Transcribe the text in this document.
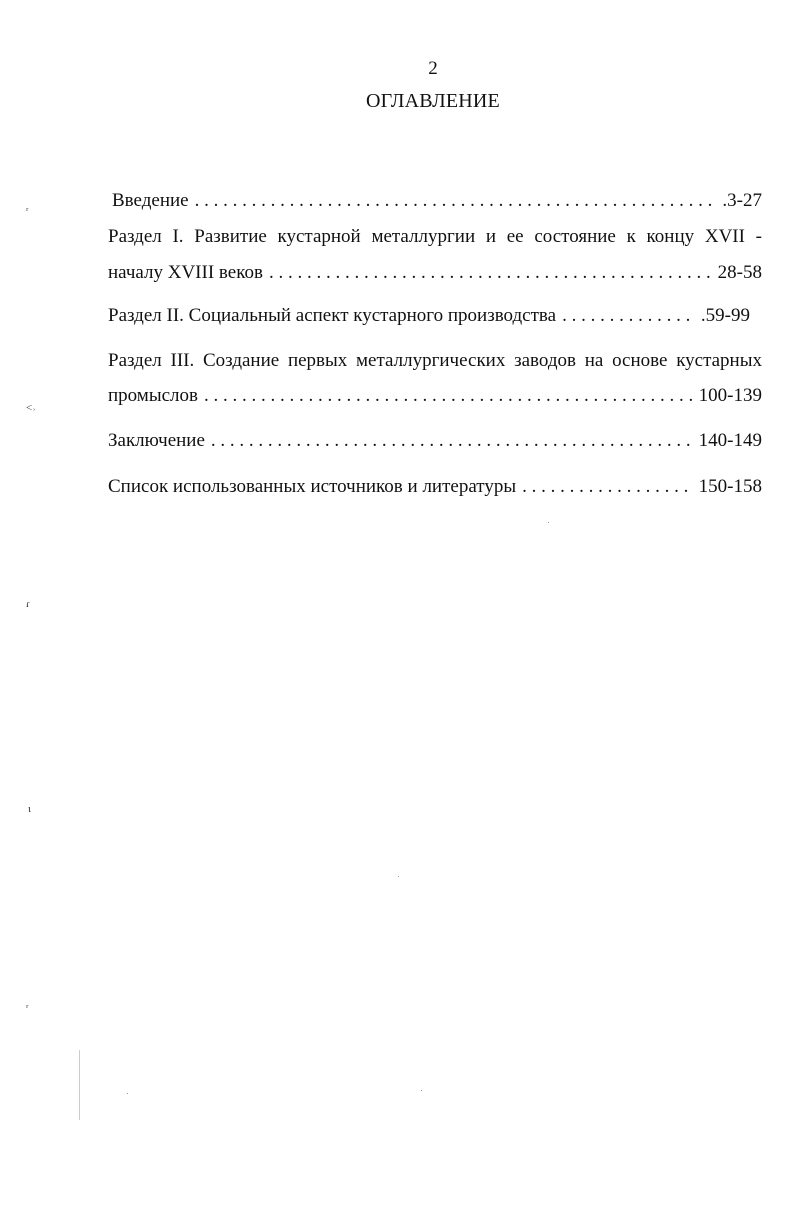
2
ОГЛАВЛЕНИЕ
Введение . . .	.3-27
Раздел I. Развитие кустарной металлургии и ее состояние к концу XVII -
началу XVIII веков . . .	28-58
Раздел II. Социальный аспект кустарного производства . . .	.59-99
Раздел III. Создание первых металлургических заводов на основе кустарных
промыслов . . .	100-139
Заключение . . .	140-149
Список использованных источников и литературы . . .	150-158
ʳ
˂˒
ɾ
ɩ
ʳ
